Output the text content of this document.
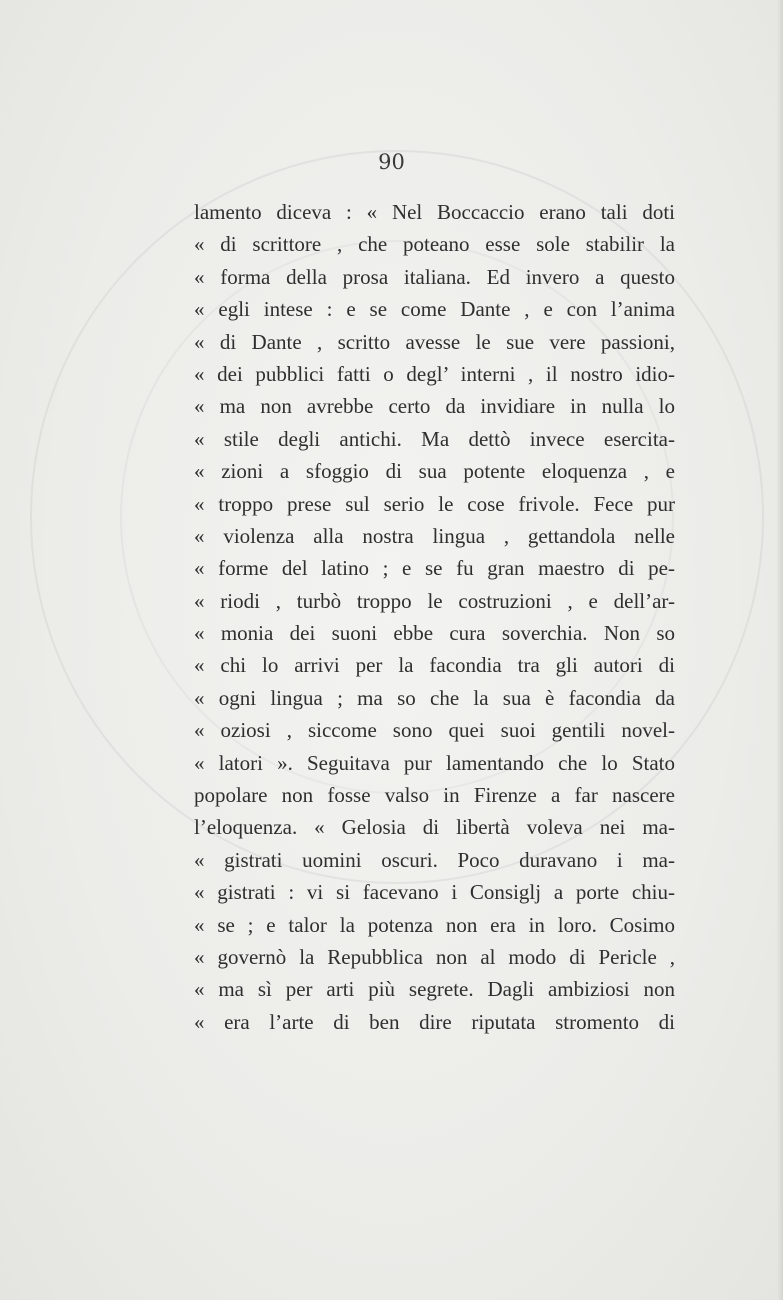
90
lamento diceva : « Nel Boccaccio erano tali doti
« di scrittore , che poteano esse sole stabilir la
« forma della prosa italiana. Ed invero a questo
« egli intese : e se come Dante , e con l’anima
« di Dante , scritto avesse le sue vere passioni,
« dei pubblici fatti o degl’ interni , il nostro idio-
« ma non avrebbe certo da invidiare in nulla lo
« stile degli antichi. Ma dettò invece esercita-
« zioni a sfoggio di sua potente eloquenza , e
« troppo prese sul serio le cose frivole. Fece pur
« violenza alla nostra lingua , gettandola nelle
« forme del latino ; e se fu gran maestro di pe-
« riodi , turbò troppo le costruzioni , e dell’ar-
« monia dei suoni ebbe cura soverchia. Non so
« chi lo arrivi per la facondia tra gli autori di
« ogni lingua ; ma so che la sua è facondia da
« oziosi , siccome sono quei suoi gentili novel-
« latori ». Seguitava pur lamentando che lo Stato
popolare non fosse valso in Firenze a far nascere
l’eloquenza. « Gelosia di libertà voleva nei ma-
« gistrati uomini oscuri. Poco duravano i ma-
« gistrati : vi si facevano i Consiglj a porte chiu-
« se ; e talor la potenza non era in loro. Cosimo
« governò la Repubblica non al modo di Pericle ,
« ma sì per arti più segrete. Dagli ambiziosi non
« era l’arte di ben dire riputata stromento di
